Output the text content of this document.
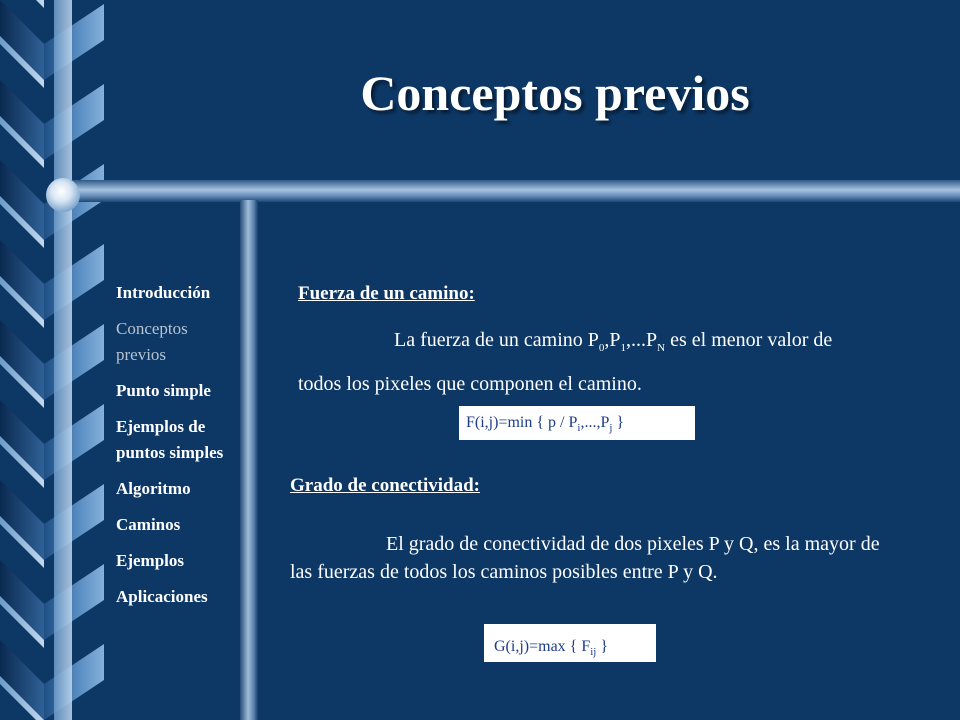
Conceptos previos
Introducción
Conceptos previos
Punto simple
Ejemplos de puntos simples
Algoritmo
Caminos
Ejemplos
Aplicaciones
Fuerza de un camino:
La fuerza de un camino $P_0,P_1,...P_N$ es el menor valor de todos los pixeles que componen el camino.
F(i,j)=min { p / $P_i,...,P_j$ }
Grado de conectividad:
El grado de conectividad de dos pixeles P y Q, es la mayor de las fuerzas de todos los caminos posibles entre P y Q.
G(i,j)=max { $F_{ij}$ }
